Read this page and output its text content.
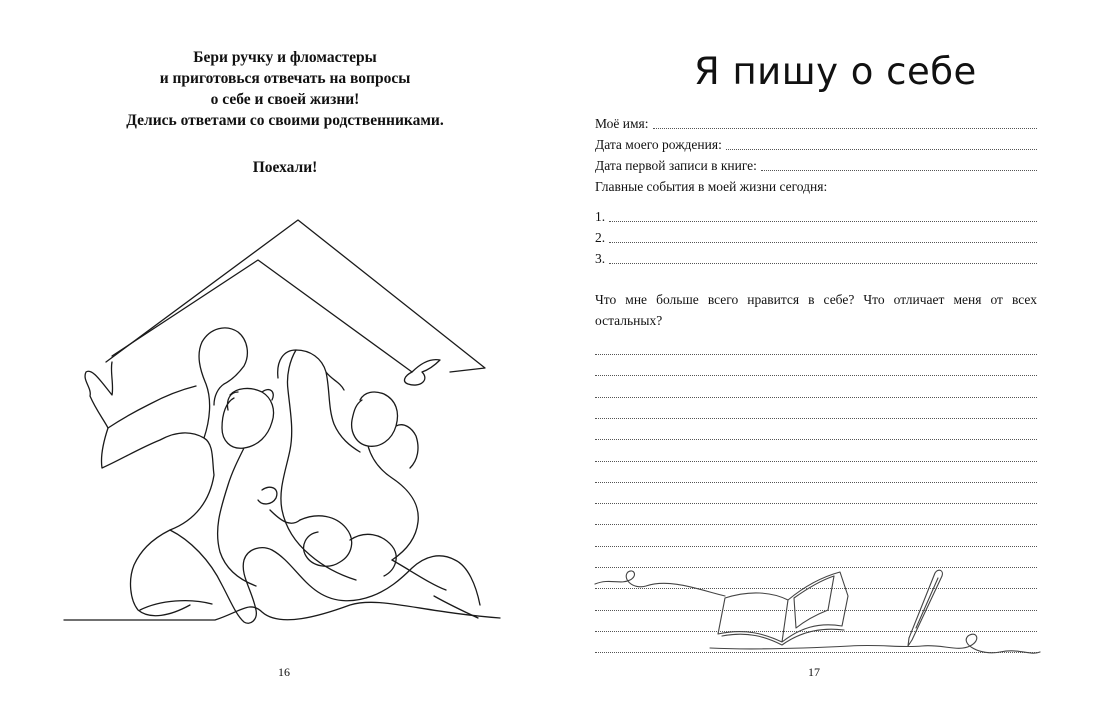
Бери ручку и фломастеры
и приготовься отвечать на вопросы
о себе и своей жизни!
Делись ответами со своими родственниками.
Поехали!
16
Я пишу о себе
Моё имя:
Дата моего рождения:
Дата первой записи в книге:
Главные события в моей жизни сегодня:
1.
2.
3.
Что мне больше всего нравится в себе? Что отличает меня от всех остальных?
17
